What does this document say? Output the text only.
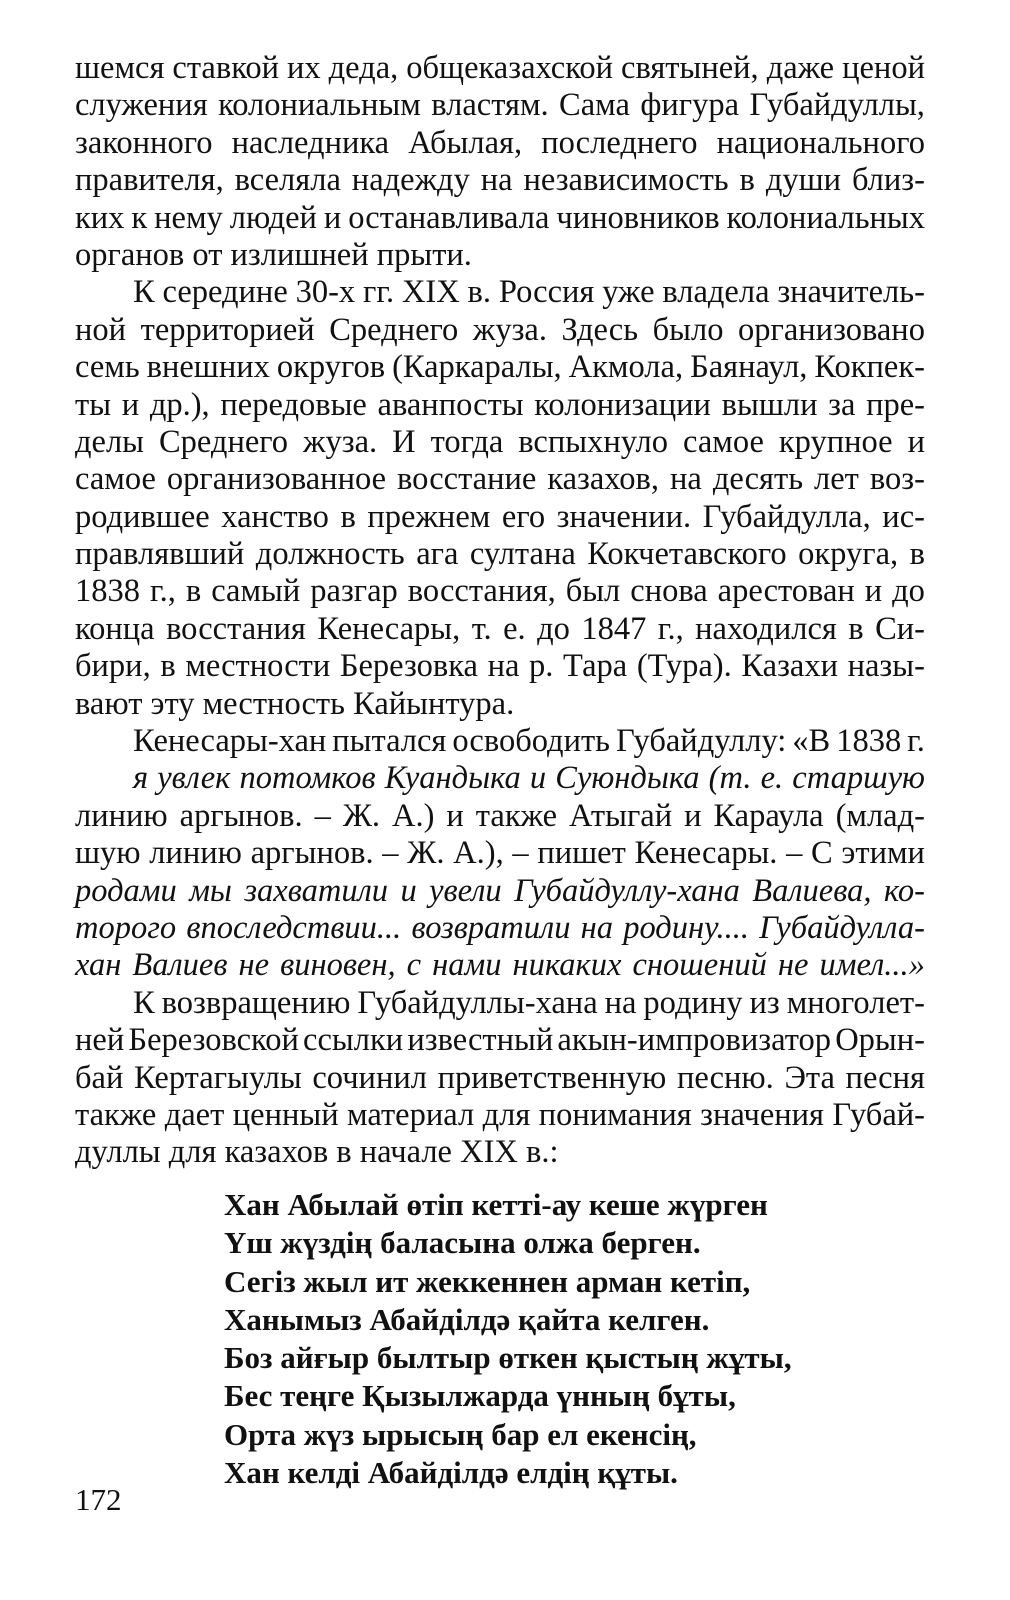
шемся ставкой их деда, общеказахской святыней, даже ценой
служения колониальным властям. Сама фигура Губайдуллы,
законного наследника Абылая, последнего национального
правителя, вселяла надежду на независимость в души близ-
ких к нему людей и останавливала чиновников колониальных
органов от излишней прыти.
К середине 30-х гг. XIX в. Россия уже владела значитель-
ной территорией Среднего жуза. Здесь было организовано
семь внешних округов (Каркаралы, Акмола, Баянаул, Кокпек-
ты и др.), передовые аванпосты колонизации вышли за пре-
делы Среднего жуза. И тогда вспыхнуло самое крупное и
самое организованное восстание казахов, на десять лет воз-
родившее ханство в прежнем его значении. Губайдулла, ис-
правлявший должность ага султана Кокчетавского округа, в
1838 г., в самый разгар восстания, был снова арестован и до
конца восстания Кенесары, т. е. до 1847 г., находился в Си-
бири, в местности Березовка на р. Тара (Тура). Казахи назы-
вают эту местность Кайынтура.
Кенесары-хан пытался освободить Губайдуллу: «В 1838 г.
я увлек потомков Куандыка и Суюндыка (т. е. старшую
линию аргынов. – Ж. А.) и также Атыгай и Караула (млад-
шую линию аргынов. – Ж. А.), – пишет Кенесары. – С этими
родами мы захватили и увели Губайдуллу-хана Валиева, ко-
торого впоследствии... возвратили на родину.... Губайдулла-
хан Валиев не виновен, с нами никаких сношений не имел...»
К возвращению Губайдуллы-хана на родину из многолет-
ней Березовской ссылки известный акын-импровизатор Орын-
бай Кертагыулы сочинил приветственную песню. Эта песня
также дает ценный материал для понимания значения Губай-
дуллы для казахов в начале XIX в.:
Хан Абылай өтіп кетті-ау кеше жүрген
Үш жүздің баласына олжа берген.
Сегіз жыл ит жеккеннен арман кетіп,
Ханымыз Абайділдә қайта келген.
Боз айғыр былтыр өткен қыстың жұты,
Бес теңге Қызылжарда үнның бұты,
Орта жүз ырысың бар ел екенсің,
Хан келді Абайділдә елдің құты.
172
